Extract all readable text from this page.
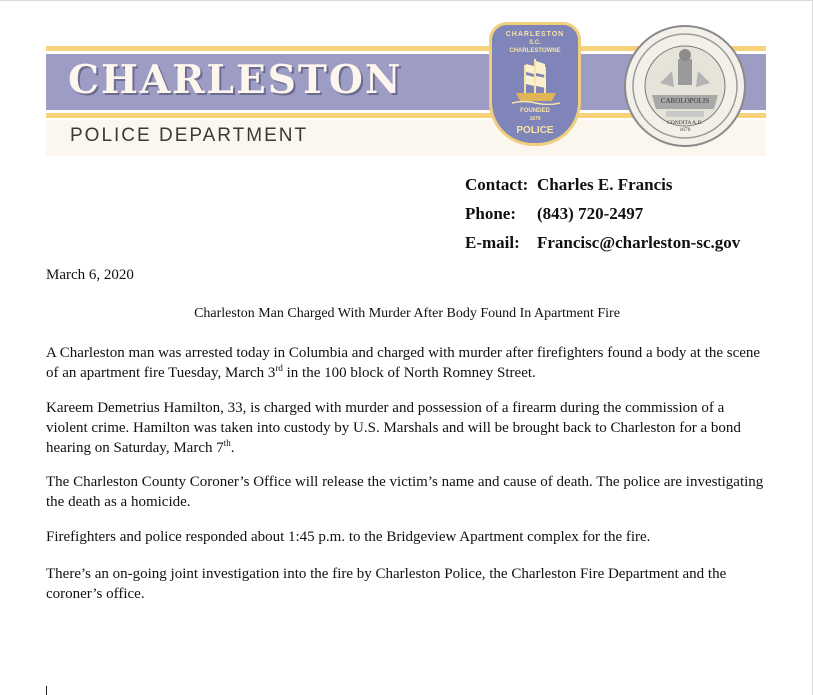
CHARLESTON
POLICE DEPARTMENT
CHARLESTON
S.C.
CHARLESTOWNE
FOUNDED
1670
POLICE
CAROLOPOLIS
CONDITA A.D.
1670
Contact: Charles E. Francis
Phone: (843) 720-2497
E-mail: Francisc@charleston-sc.gov

March 6, 2020

Charleston Man Charged With Murder After Body Found In Apartment Fire

A Charleston man was arrested today in Columbia and charged with murder after firefighters found a body at the scene of an apartment fire Tuesday, March 3rd in the 100 block of North Romney Street.

Kareem Demetrius Hamilton, 33, is charged with murder and possession of a firearm during the commission of a violent crime. Hamilton was taken into custody by U.S. Marshals and will be brought back to Charleston for a bond hearing on Saturday, March 7th.

The Charleston County Coroner’s Office will release the victim’s name and cause of death. The police are investigating the death as a homicide.

Firefighters and police responded about 1:45 p.m. to the Bridgeview Apartment complex for the fire.

There’s an on-going joint investigation into the fire by Charleston Police, the Charleston Fire Department and the coroner’s office.
